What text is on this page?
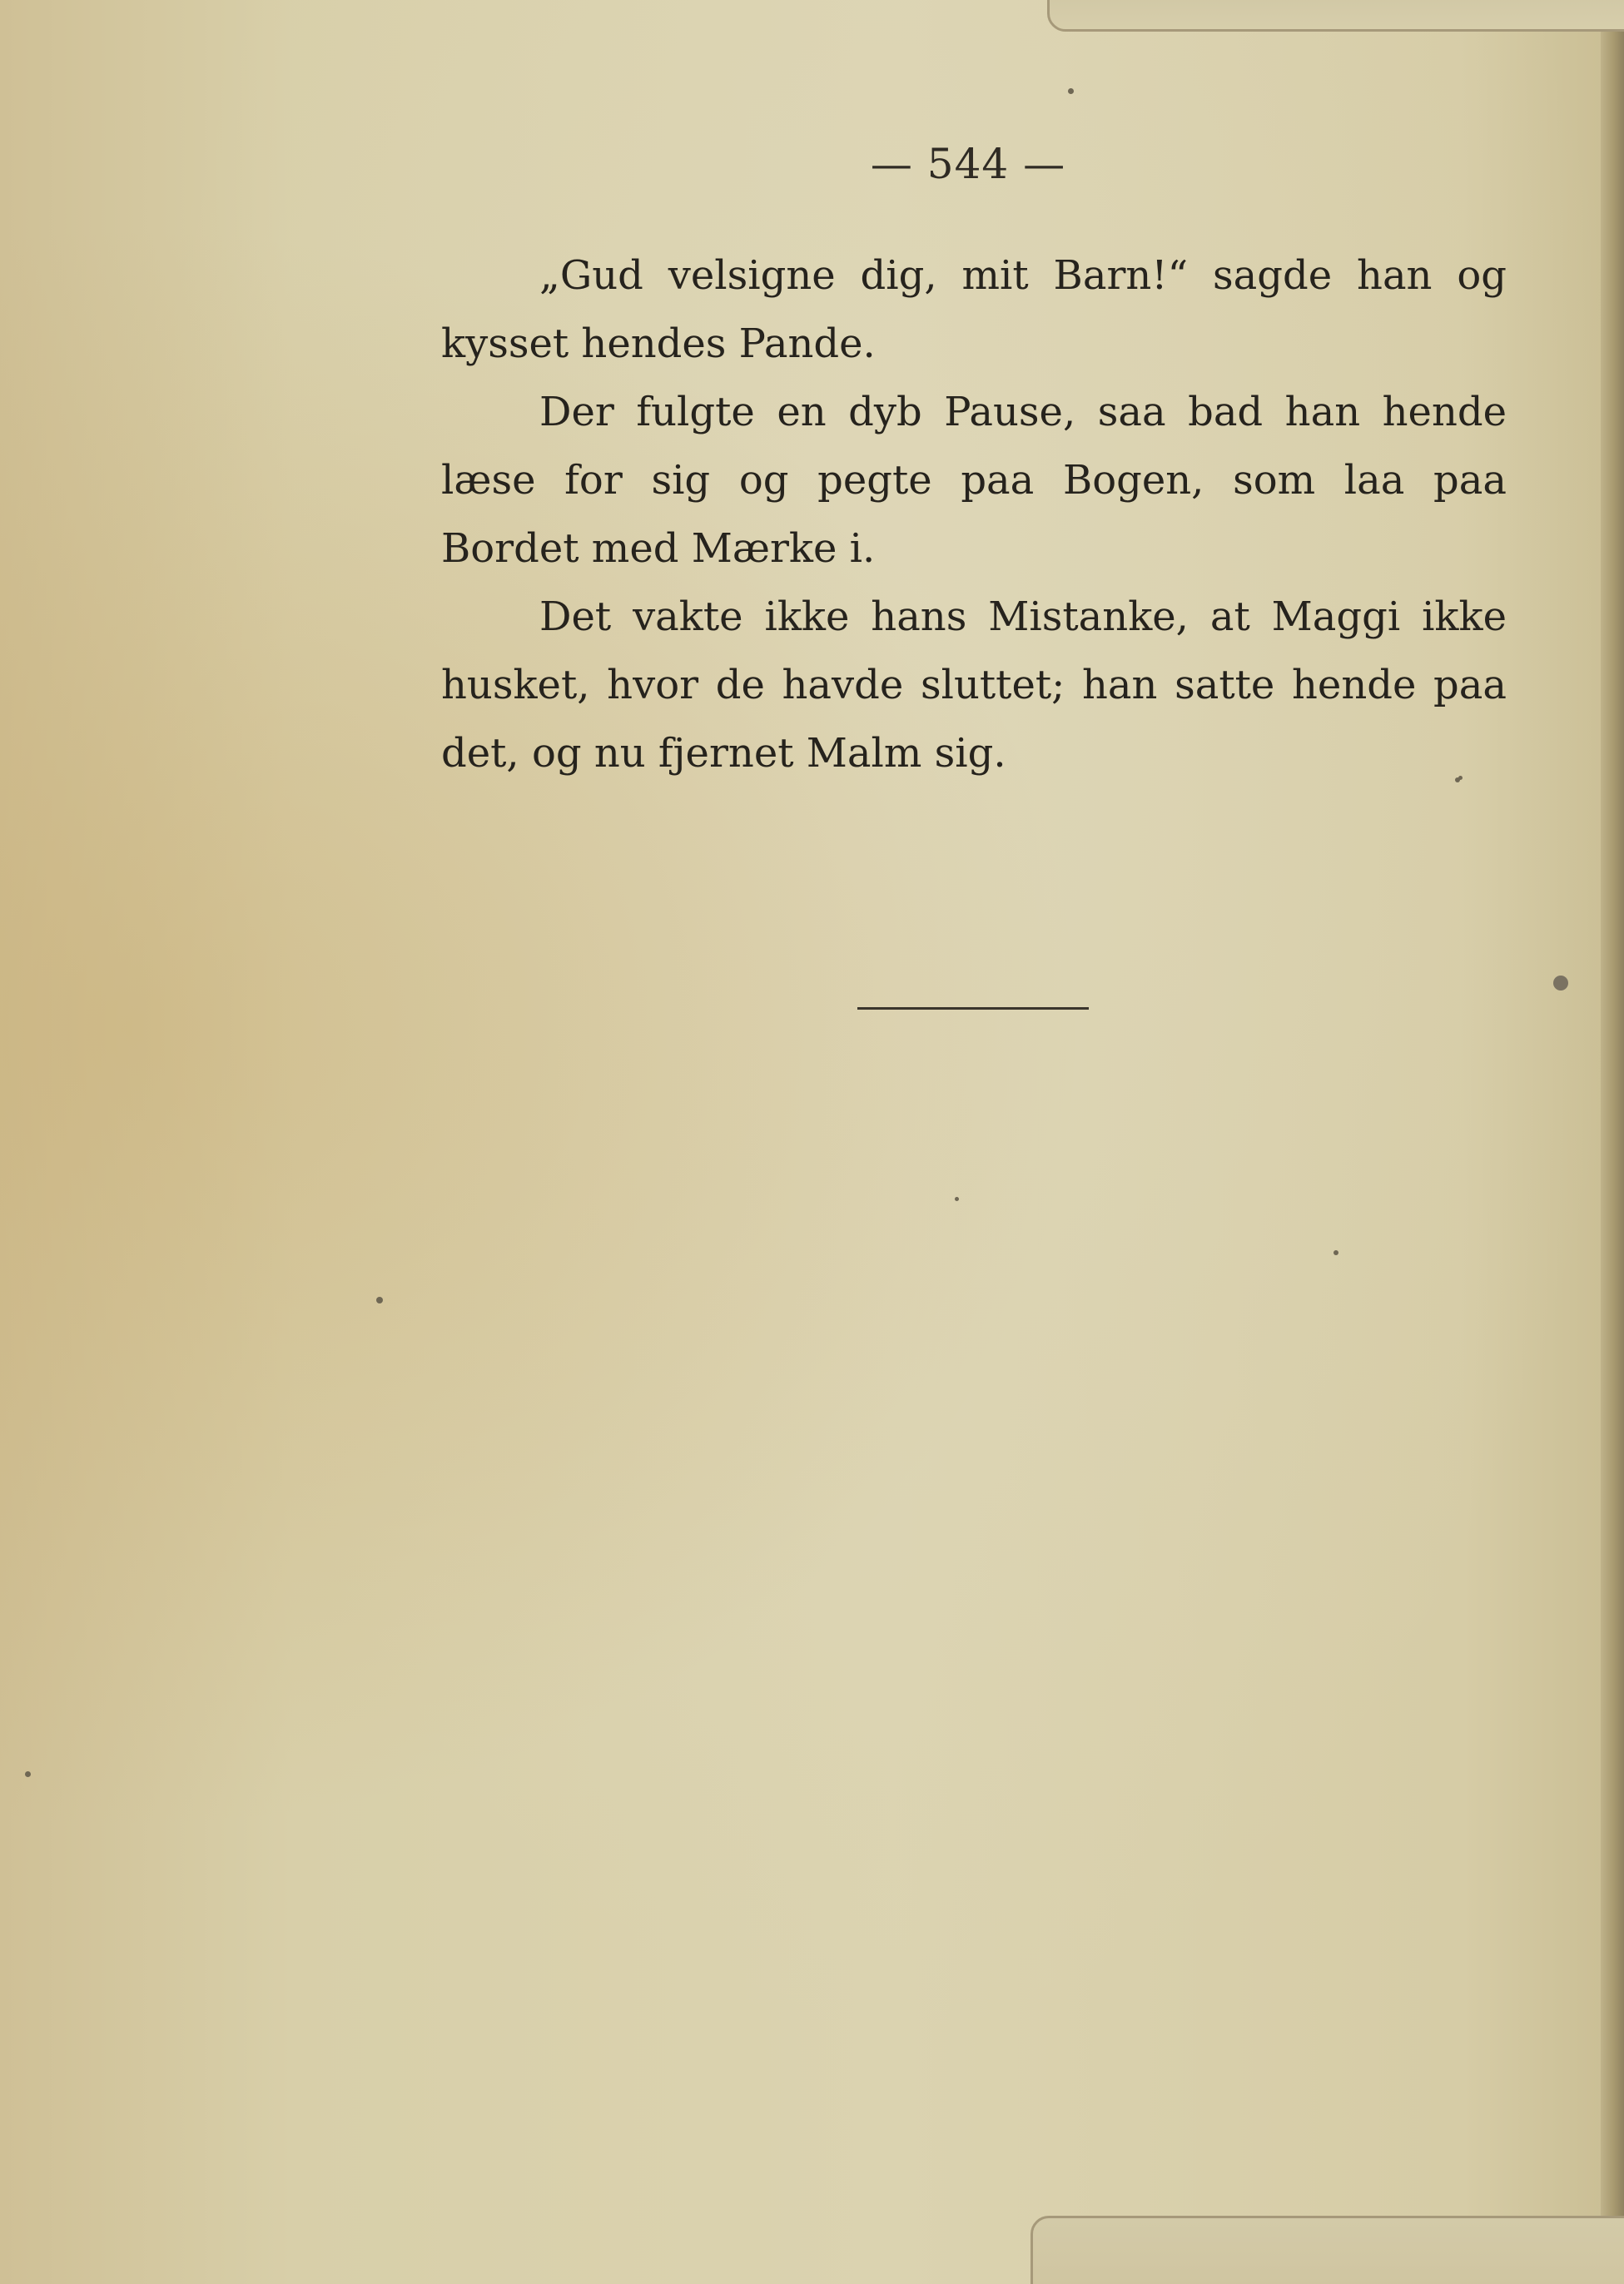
— 544 —

„Gud velsigne dig, mit Barn!“ sagde han og kysset hendes Pande.

Der fulgte en dyb Pause, saa bad han hende læse for sig og pegte paa Bogen, som laa paa Bordet med Mærke i.

Det vakte ikke hans Mistanke, at Maggi ikke husket, hvor de havde sluttet; han satte hende paa det, og nu fjernet Malm sig.
